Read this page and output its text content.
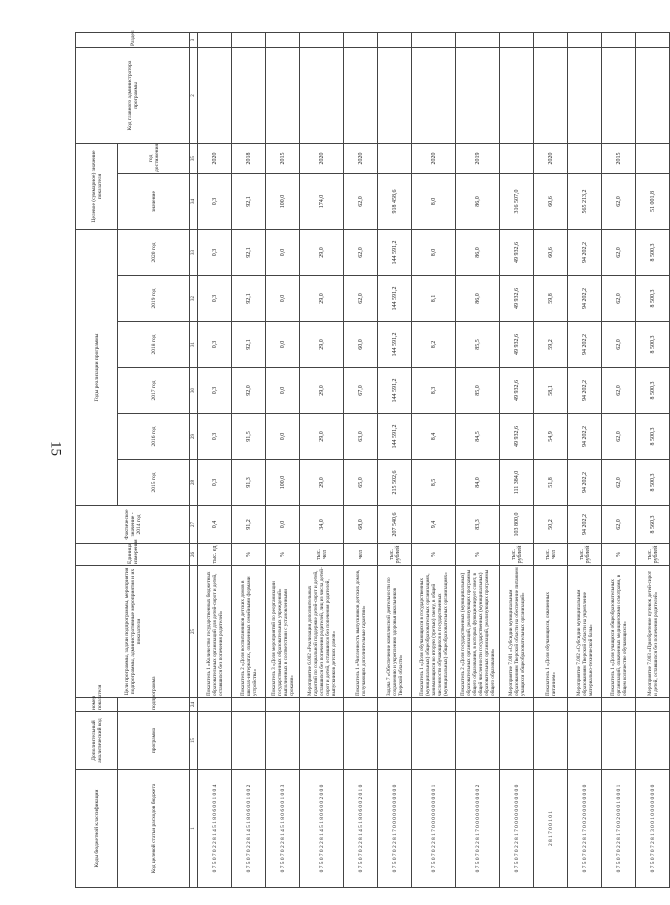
15
Коды бюджетной классификации	Дополнительный аналитический код	номер показателя	Цели программы, задачи подпрограммы, мероприятия подпрограммы, административные мероприятия и их показатели	Единица измерения	Фактическое значение - 2014 год	Годы реализации программы						Целевое (суммарное) значение показателя		Код главного администратора программы	Раздел
Код целевой статьи расходов бюджета	программа	подпрограмма				2015 год	2016 год	2017 год	2018 год	2019 год	2020 год	значение	год достижения		
1	15	24	25	26	27	28	29	30	31	32	33	34	35	2	3
0 7 5 0 7 0 2 2 8 1 4 5 1 8 0 6 0 0 1 0 0 4			Показатель 1 «Количество государственных бюджетных образовательных организаций для детей-сирот и детей, оставшихся без попечения родителей»	тыс. ед	0,4	0,3	0,3	0,3	0,3	0,3	0,3	0,3	2020		
0 7 5 0 7 0 2 2 8 1 4 5 1 8 0 6 0 0 1 0 0 2			Показатель 2 «Доля воспитанников детских домов в школах-интернатах, охваченных семейными формами устройства»	%	91,2	91,3	91,5	92,0	92,1	92,1	92,1	92,1	2018		
0 7 5 0 7 0 2 2 8 1 4 5 1 8 0 6 0 0 1 0 0 3			Показатель 3 «Доля мероприятий по реорганизации государственных образовательных учреждений» выполненных в соответствии с установленными сроками»	%	0,0	100,0	0,0	0,0	0,0	0,0	0,0	100,0	2015		
0 7 5 0 7 0 2 2 8 1 4 5 1 8 0 6 0 0 2 0 0 0			Мероприятие 6.002 «Реализация дополнительных гарантий по социальной поддержке детей-сирот и детей, оставшихся без попечения родителей, лиц из числа детей-сирот и детей, оставшихся без попечения родителей, выпускников детских домов»	тыс. чел	34,0	29,0	29,0	29,0	29,0	29,0	29,0	174,0	2020		
0 7 5 0 7 0 2 2 8 1 4 5 1 8 0 6 0 0 2 0 1 0			Показатель 1 «Численность выпускников детских домов, получающих дополнительные гарантии»	чел	68,0	65,0	63,0	67,0	60,0	62,0	62,0	62,0	2020		
0 7 5 0 7 0 2 2 8 1 7 0 0 0 0 0 0 0 0 0 0 0			Задача 7 «Обеспечение комплексной деятельности по сохранению и укреплению здоровья школьников Тверской области»	тыс. рублей	207 540,6	215 502,6	144 591,2	144 591,2	144 591,2	144 591,2	144 591,2	918 458,6			
0 7 5 0 7 0 2 2 8 1 7 0 0 0 0 0 0 0 0 0 0 1			Показатель 1 «Доля обучающихся в государственных (муниципальных) общеобразовательных организациях, занимающихся во вторую (третью) смену, в общей численности обучающихся в государственных (муниципальных) общеобразовательных организациях»	%	9,4	8,5	8,4	8,3	8,2	8,1	8,0	8,0	2020		
0 7 5 0 7 0 2 2 8 1 7 0 0 0 0 0 0 0 0 0 0 2			Показатель 2 «Доля государственных (муниципальных) образовательных организаций, реализующих программы общего образования, в которых функционирует совет, в общей численности государственных (муниципальных) образовательных организаций, реализующих программы общего образования»	%	83,3	84,0	84,5	85,0	85,5	86,0	86,0	86,0	2019		
0 7 5 0 7 0 2 2 8 1 7 0 0 0 0 0 0 0 0 0 0 0			Мероприятие 7.001 «Субсидии муниципальным образованиям Тверской области на обеспечение питанием учащихся общеобразовательных организаций»	тыс. рублей	103 800,0	111 384,0	49 932,6	49 932,6	49 932,6	49 932,6	49 932,6	316 507,0			
2 8 1 7 0 0 1 0 1			Показатель 1 «Доля обучающихся, охваченных питанием»	тыс. чел	50,2	51,8	54,9	58,1	59,2	59,8	60,6	60,6	2020		
0 7 5 0 7 0 2 2 8 1 7 0 0 2 0 0 0 0 0 0 0 0			Мероприятие 7.002 «Субсидии муниципальным образованиям Тверской области на укрепление материально-технической базы»	тыс. рублей	94 202,2	94 202,2	94 202,2	94 202,2	94 202,2	94 202,2	94 202,2	565 213,2			
0 7 5 0 7 0 2 2 8 1 7 0 0 2 0 0 0 1 0 0 0 1			Показатель 1 «Доля учащихся общеобразовательных организаций, охваченных медицинскими осмотрами, в общем количестве обучающихся»	%	62,0	62,0	62,0	62,0	62,0	62,0	62,0	62,0	2015		
0 7 5 0 7 0 7 2 8 1 3 0 0 1 0 0 0 0 0 0 0 0			Мероприятие 7.003 «Приобретение путевок детей-сирот и детей, оставшихся без попечения родителей»	тыс. рублей	8 560,3	8 500,3	8 500,3	8 500,3	8 500,3	8 500,3	8 500,3	51 001,8			
